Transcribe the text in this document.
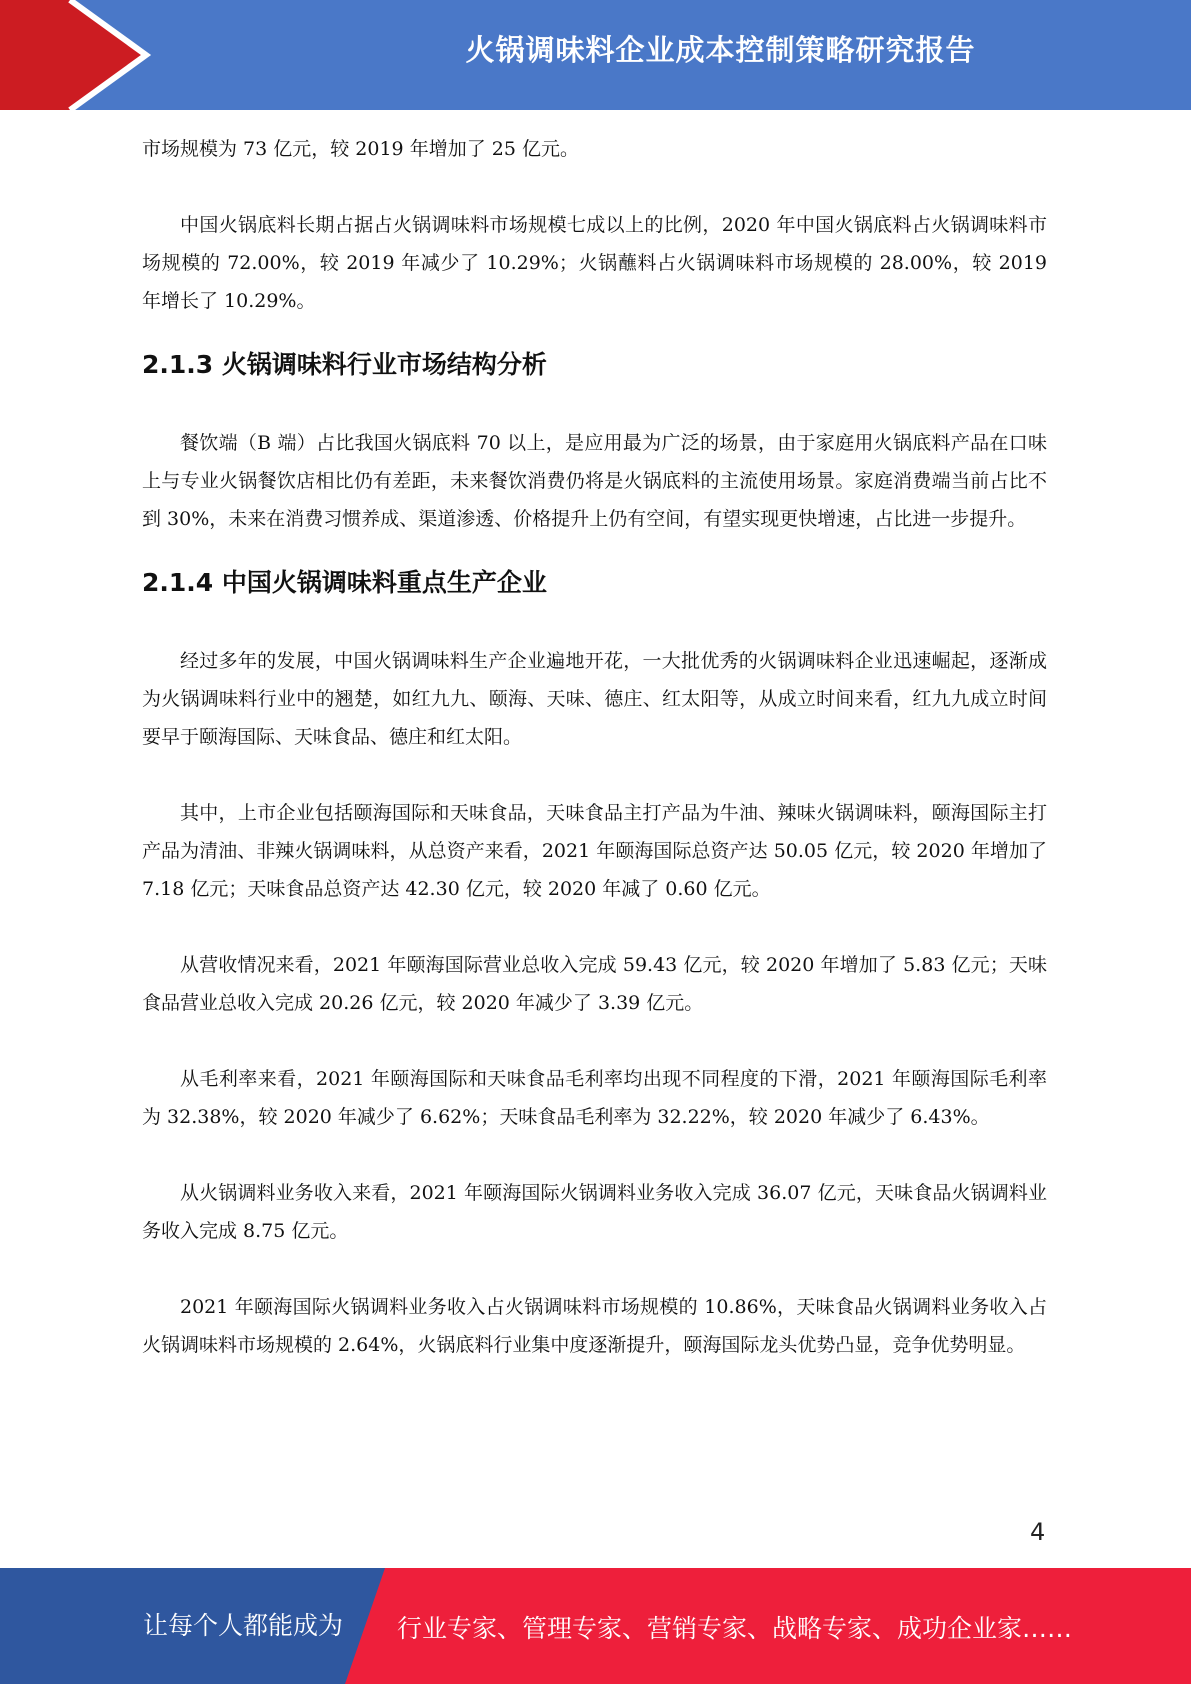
火锅调味料企业成本控制策略研究报告

市场规模为 73 亿元，较 2019 年增加了 25 亿元。

中国火锅底料长期占据占火锅调味料市场规模七成以上的比例，2020 年中国火锅底料占火锅调味料市场规模的 72.00%，较 2019 年减少了 10.29%；火锅蘸料占火锅调味料市场规模的 28.00%，较 2019 年增长了 10.29%。

2.1.3 火锅调味料行业市场结构分析

餐饮端（B 端）占比我国火锅底料 70 以上，是应用最为广泛的场景，由于家庭用火锅底料产品在口味上与专业火锅餐饮店相比仍有差距，未来餐饮消费仍将是火锅底料的主流使用场景。家庭消费端当前占比不到 30%，未来在消费习惯养成、渠道渗透、价格提升上仍有空间，有望实现更快增速，占比进一步提升。

2.1.4 中国火锅调味料重点生产企业

经过多年的发展，中国火锅调味料生产企业遍地开花，一大批优秀的火锅调味料企业迅速崛起，逐渐成为火锅调味料行业中的翘楚，如红九九、颐海、天味、德庄、红太阳等，从成立时间来看，红九九成立时间要早于颐海国际、天味食品、德庄和红太阳。

其中，上市企业包括颐海国际和天味食品，天味食品主打产品为牛油、辣味火锅调味料，颐海国际主打产品为清油、非辣火锅调味料，从总资产来看，2021 年颐海国际总资产达 50.05 亿元，较 2020 年增加了 7.18 亿元；天味食品总资产达 42.30 亿元，较 2020 年减了 0.60 亿元。

从营收情况来看，2021 年颐海国际营业总收入完成 59.43 亿元，较 2020 年增加了 5.83 亿元；天味食品营业总收入完成 20.26 亿元，较 2020 年减少了 3.39 亿元。

从毛利率来看，2021 年颐海国际和天味食品毛利率均出现不同程度的下滑，2021 年颐海国际毛利率为 32.38%，较 2020 年减少了 6.62%；天味食品毛利率为 32.22%，较 2020 年减少了 6.43%。

从火锅调料业务收入来看，2021 年颐海国际火锅调料业务收入完成 36.07 亿元，天味食品火锅调料业务收入完成 8.75 亿元。

2021 年颐海国际火锅调料业务收入占火锅调味料市场规模的 10.86%，天味食品火锅调料业务收入占火锅调味料市场规模的 2.64%，火锅底料行业集中度逐渐提升，颐海国际龙头优势凸显，竞争优势明显。

4
让每个人都能成为 行业专家、管理专家、营销专家、战略专家、成功企业家……
